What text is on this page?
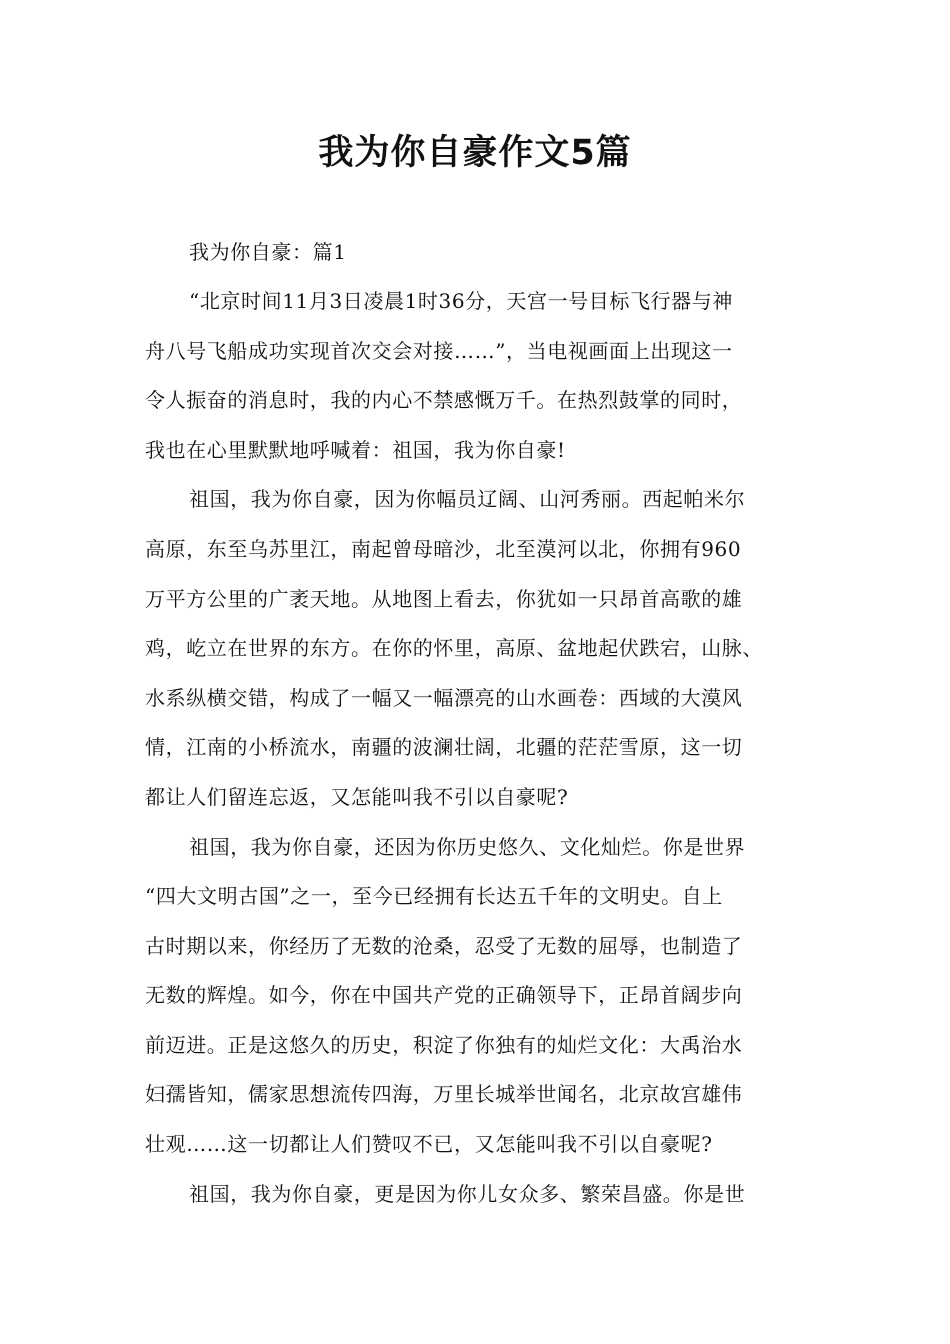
我为你自豪作文5篇
我为你自豪：篇1
“北京时间11月3日凌晨1时36分，天宫一号目标飞行器与神
舟八号飞船成功实现首次交会对接……”，当电视画面上出现这一
令人振奋的消息时，我的内心不禁感慨万千。在热烈鼓掌的同时，
我也在心里默默地呼喊着：祖国，我为你自豪!
祖国，我为你自豪，因为你幅员辽阔、山河秀丽。西起帕米尔
高原，东至乌苏里江，南起曾母暗沙，北至漠河以北，你拥有960
万平方公里的广袤天地。从地图上看去，你犹如一只昂首高歌的雄
鸡，屹立在世界的东方。在你的怀里，高原、盆地起伏跌宕，山脉、
水系纵横交错，构成了一幅又一幅漂亮的山水画卷：西域的大漠风
情，江南的小桥流水，南疆的波澜壮阔，北疆的茫茫雪原，这一切
都让人们留连忘返，又怎能叫我不引以自豪呢?
祖国，我为你自豪，还因为你历史悠久、文化灿烂。你是世界
“四大文明古国”之一，至今已经拥有长达五千年的文明史。自上
古时期以来，你经历了无数的沧桑，忍受了无数的屈辱，也制造了
无数的辉煌。如今，你在中国共产党的正确领导下，正昂首阔步向
前迈进。正是这悠久的历史，积淀了你独有的灿烂文化：大禹治水
妇孺皆知，儒家思想流传四海，万里长城举世闻名，北京故宫雄伟
壮观……这一切都让人们赞叹不已，又怎能叫我不引以自豪呢?
祖国，我为你自豪，更是因为你儿女众多、繁荣昌盛。你是世
